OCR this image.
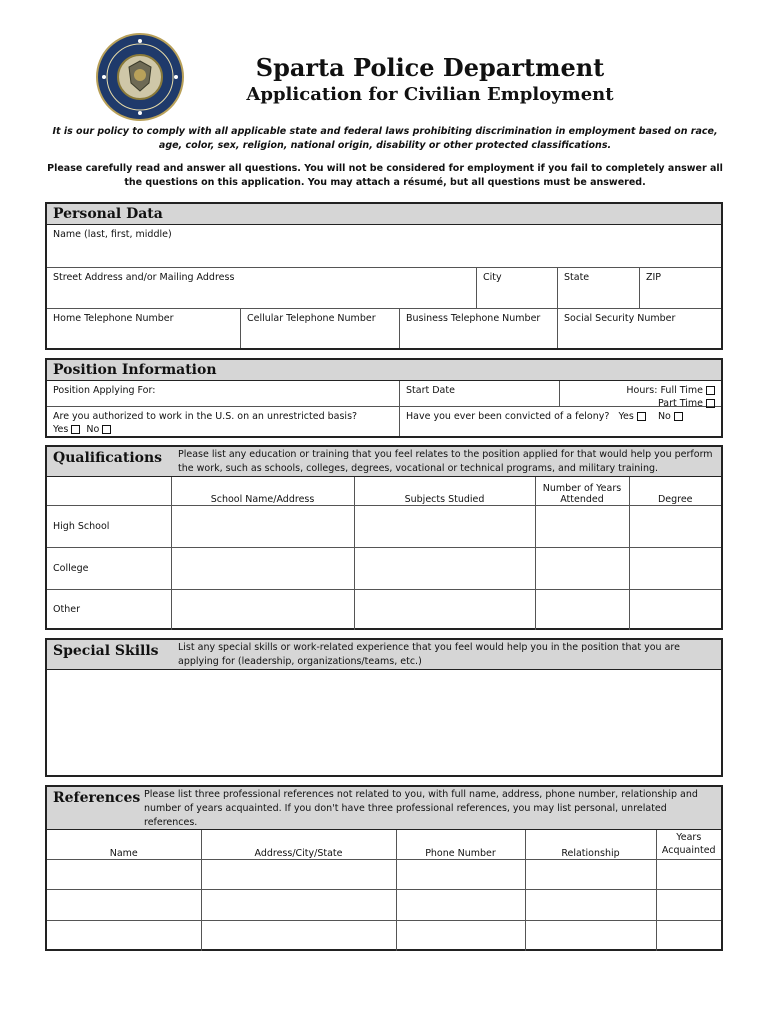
Sparta Police Department
Application for Civilian Employment
It is our policy to comply with all applicable state and federal laws prohibiting discrimination in employment based on race, age, color, sex, religion, national origin, disability or other protected classifications.
Please carefully read and answer all questions. You will not be considered for employment if you fail to completely answer all the questions on this application. You may attach a résumé, but all questions must be answered.
Personal Data
Name (last, first, middle)
Street Address and/or Mailing Address	City	State	ZIP
Home Telephone Number	Cellular Telephone Number	Business Telephone Number	Social Security Number
Position Information
Position Applying For:	Start Date	Hours: Full Time
Part Time
Are you authorized to work in the U.S. on an unrestricted basis?
Yes No
Have you ever been convicted of a felony? Yes	No
Qualifications Please list any education or training that you feel relates to the position applied for that would help you perform the work, such as schools, colleges, degrees, vocational or technical programs, and military training.
	School Name/Address	Subjects Studied	Number of Years Attended	Degree
High School				
College				
Other				
Special Skills List any special skills or work-related experience that you feel would help you in the position that you are applying for (leadership, organizations/teams, etc.)
References Please list three professional references not related to you, with full name, address, phone number, relationship and number of years acquainted. If you don't have three professional references, you may list personal, unrelated references.
Name	Address/City/State	Phone Number	Relationship	Years Acquainted
